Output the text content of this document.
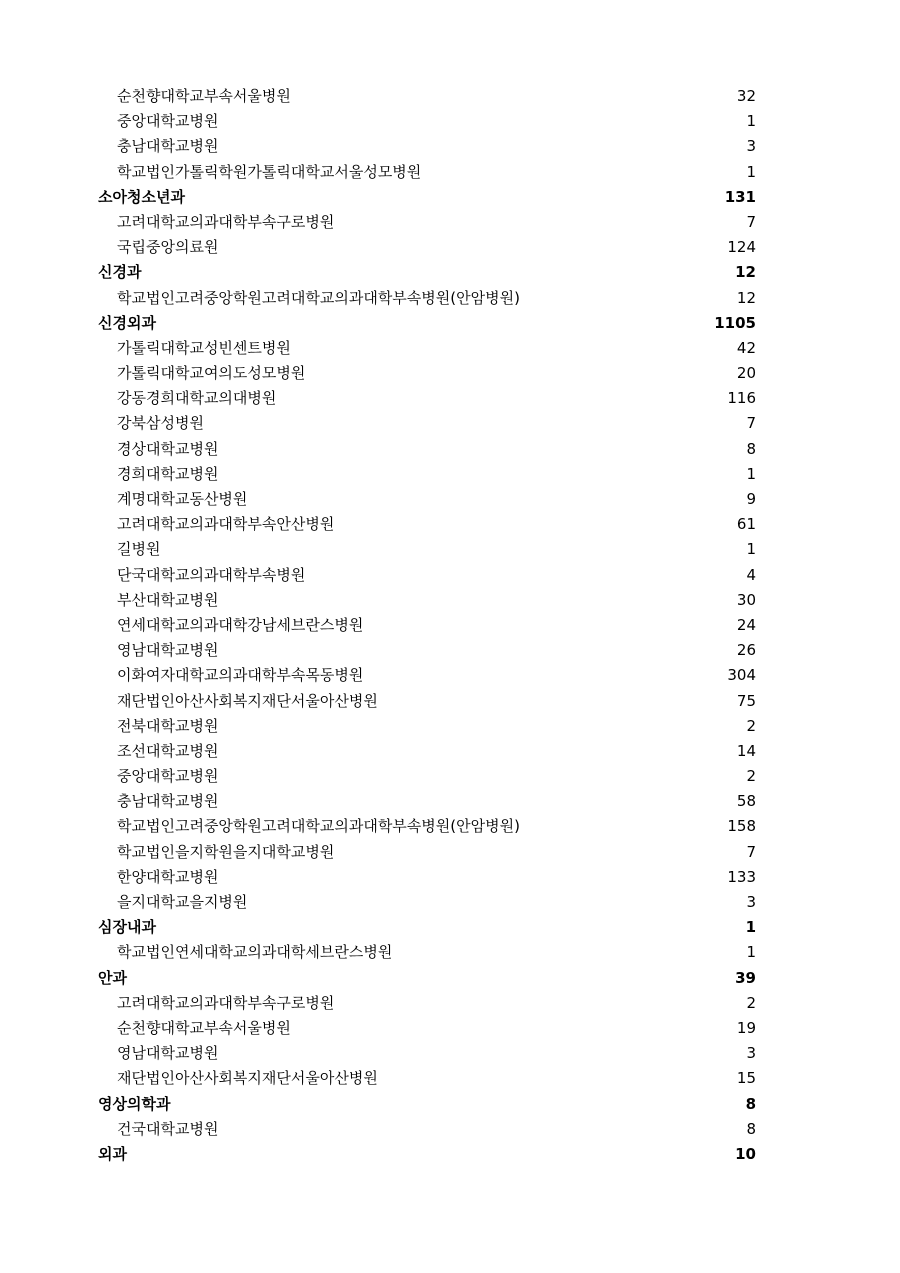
순천향대학교부속서울병원	32
중앙대학교병원	1
충남대학교병원	3
학교법인가톨릭학원가톨릭대학교서울성모병원	1
소아청소년과	131
고려대학교의과대학부속구로병원	7
국립중앙의료원	124
신경과	12
학교법인고려중앙학원고려대학교의과대학부속병원(안암병원)	12
신경외과	1105
가톨릭대학교성빈센트병원	42
가톨릭대학교여의도성모병원	20
강동경희대학교의대병원	116
강북삼성병원	7
경상대학교병원	8
경희대학교병원	1
계명대학교동산병원	9
고려대학교의과대학부속안산병원	61
길병원	1
단국대학교의과대학부속병원	4
부산대학교병원	30
연세대학교의과대학강남세브란스병원	24
영남대학교병원	26
이화여자대학교의과대학부속목동병원	304
재단법인아산사회복지재단서울아산병원	75
전북대학교병원	2
조선대학교병원	14
중앙대학교병원	2
충남대학교병원	58
학교법인고려중앙학원고려대학교의과대학부속병원(안암병원)	158
학교법인을지학원을지대학교병원	7
한양대학교병원	133
을지대학교을지병원	3
심장내과	1
학교법인연세대학교의과대학세브란스병원	1
안과	39
고려대학교의과대학부속구로병원	2
순천향대학교부속서울병원	19
영남대학교병원	3
재단법인아산사회복지재단서울아산병원	15
영상의학과	8
건국대학교병원	8
외과	10
